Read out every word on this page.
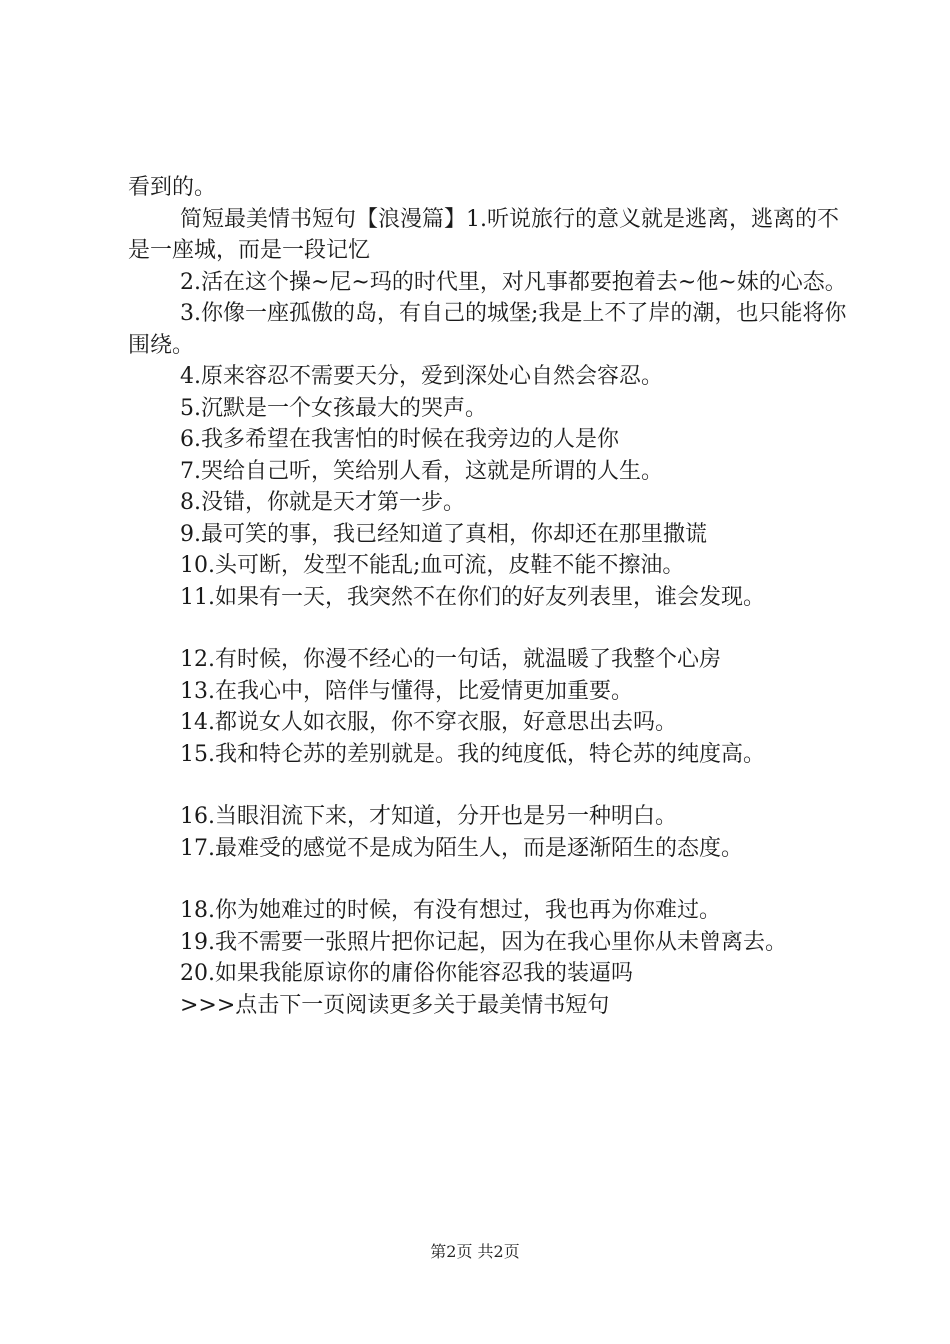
看到的。

简短最美情书短句【浪漫篇】1.听说旅行的意义就是逃离，逃离的不是一座城，而是一段记忆

2.活在这个操~尼~玛的时代里，对凡事都要抱着去~他~妹的心态。

3.你像一座孤傲的岛，有自己的城堡;我是上不了岸的潮，也只能将你围绕。

4.原来容忍不需要天分，爱到深处心自然会容忍。

5.沉默是一个女孩最大的哭声。

6.我多希望在我害怕的时候在我旁边的人是你

7.哭给自己听，笑给别人看，这就是所谓的人生。

8.没错，你就是天才第一步。

9.最可笑的事，我已经知道了真相，你却还在那里撒谎

10.头可断，发型不能乱;血可流，皮鞋不能不擦油。

11.如果有一天，我突然不在你们的好友列表里，谁会发现。

12.有时候，你漫不经心的一句话，就温暖了我整个心房

13.在我心中，陪伴与懂得，比爱情更加重要。

14.都说女人如衣服，你不穿衣服，好意思出去吗。

15.我和特仑苏的差别就是。我的纯度低，特仑苏的纯度高。

16.当眼泪流下来，才知道，分开也是另一种明白。

17.最难受的感觉不是成为陌生人，而是逐渐陌生的态度。

18.你为她难过的时候，有没有想过，我也再为你难过。

19.我不需要一张照片把你记起，因为在我心里你从未曾离去。

20.如果我能原谅你的庸俗你能容忍我的装逼吗

>>>点击下一页阅读更多关于最美情书短句

第2页 共2页
